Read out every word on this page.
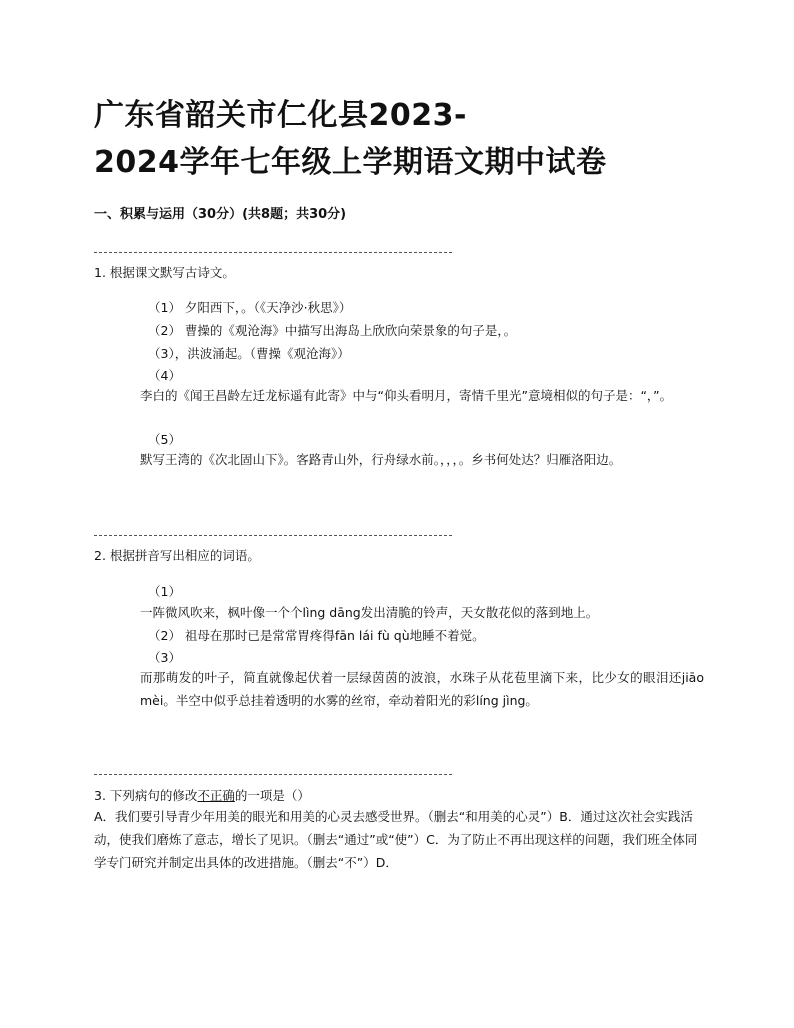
广东省韶关市仁化县2023-
2024学年七年级上学期语文期中试卷
一、积累与运用（30分）(共8题；共30分)
1. 根据课文默写古诗文。
（1） 夕阳西下，。（《天净沙·秋思》）
（2） 曹操的《观沧海》中描写出海岛上欣欣向荣景象的句子是，。
（3），洪波涌起。（曹操《观沧海》）
（4）
李白的《闻王昌龄左迁龙标遥有此寄》中与“仰头看明月，寄情千里光”意境相似的句子是：“，”。
（5）
默写王湾的《次北固山下》。客路青山外，行舟绿水前。，，，。乡书何处达？归雁洛阳边。
2. 根据拼音写出相应的词语。
（1）
一阵微风吹来，枫叶像一个个lìng dāng发出清脆的铃声，天女散花似的落到地上。
（2） 祖母在那时已是常常胃疼得fān lái fù qù地睡不着觉。
（3）
而那萌发的叶子，简直就像起伏着一层绿茵茵的波浪，水珠子从花苞里滴下来，比少女的眼泪还jiāo mèi。半空中似乎总挂着透明的水雾的丝帘，牵动着阳光的彩líng jìng。
3. 下列病句的修改不正确的一项是（）
A．我们要引导青少年用美的眼光和用美的心灵去感受世界。（删去“和用美的心灵”）B．通过这次社会实践活动，使我们磨炼了意志，增长了见识。（删去“通过”或“使”）C．为了防止不再出现这样的问题，我们班全体同学专门研究并制定出具体的改进措施。（删去“不”）D．
